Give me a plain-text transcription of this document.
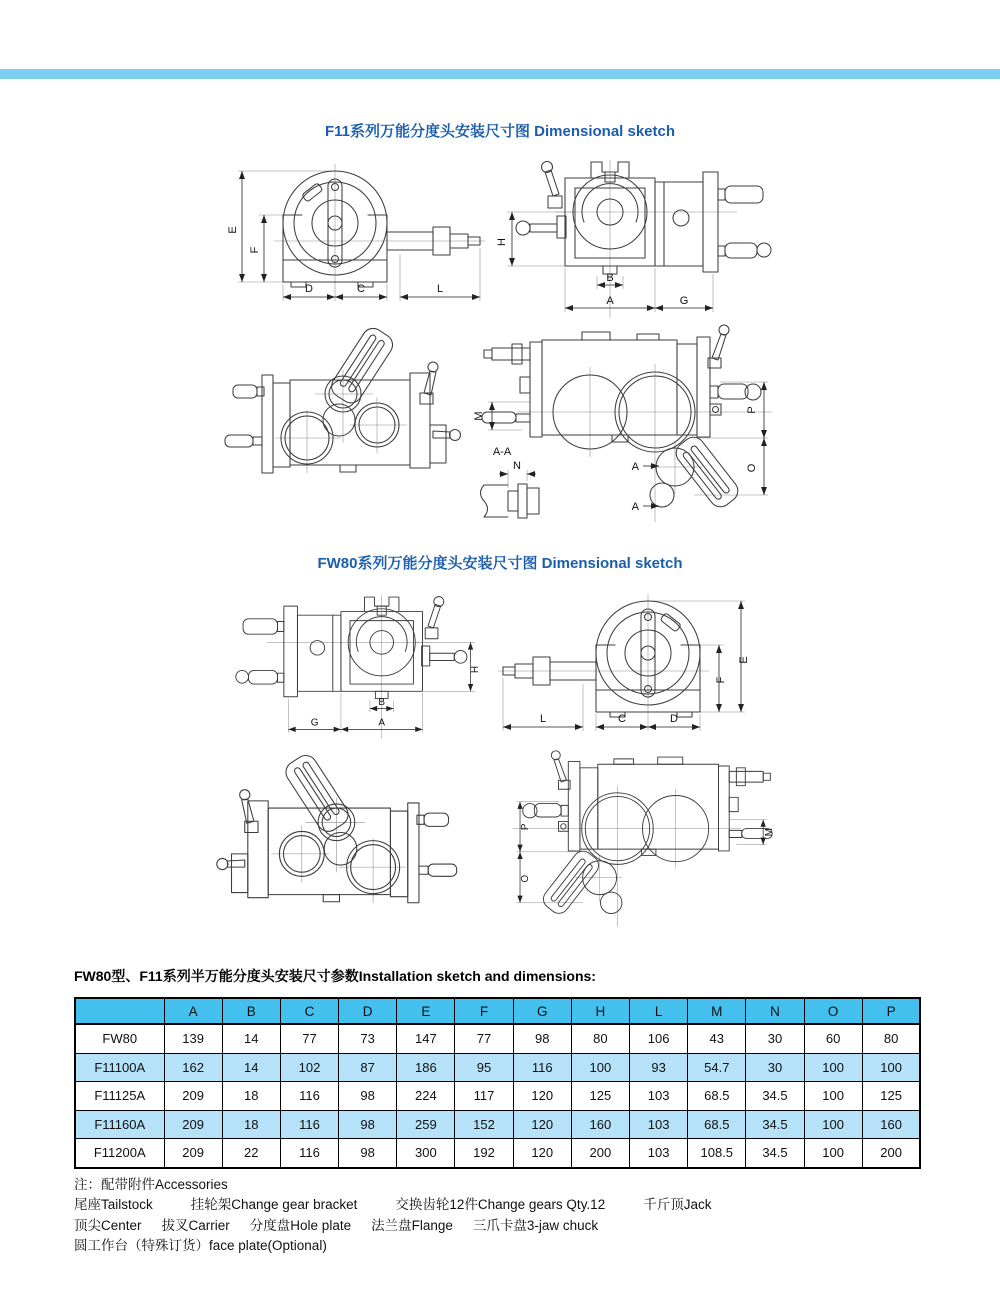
F11系列万能分度头安装尺寸图 Dimensional sketch
E
F
D	C	L
H
B
A	G
M
P
O
A-A
N	A
A
FW80系列万能分度头安装尺寸图 Dimensional sketch
H
B
A
G
E
F
L	C	D
P
O
M
FW80型、F11系列半万能分度头安装尺寸参数Installation sketch and dimensions:
	A	B	C	D	E	F	G	H	L	M	N	O	P
FW80	139	14	77	73	147	77	98	80	106	43	30	60	80
F11100A	162	14	102	87	186	95	116	100	93	54.7	30	100	100
F11125A	209	18	116	98	224	117	120	125	103	68.5	34.5	100	125
F11160A	209	18	116	98	259	152	120	160	103	68.5	34.5	100	160
F11200A	209	22	116	98	300	192	120	200	103	108.5	34.5	100	200
注：配带附件Accessories
尾座Tailstock	挂轮架Change gear bracket	交换齿轮12件Change gears Qty.12	千斤顶Jack
顶尖Center 拔叉Carrier 分度盘Hole plate 法兰盘Flange 三爪卡盘3-jaw chuck
圆工作台（特殊订货）face plate(Optional)
